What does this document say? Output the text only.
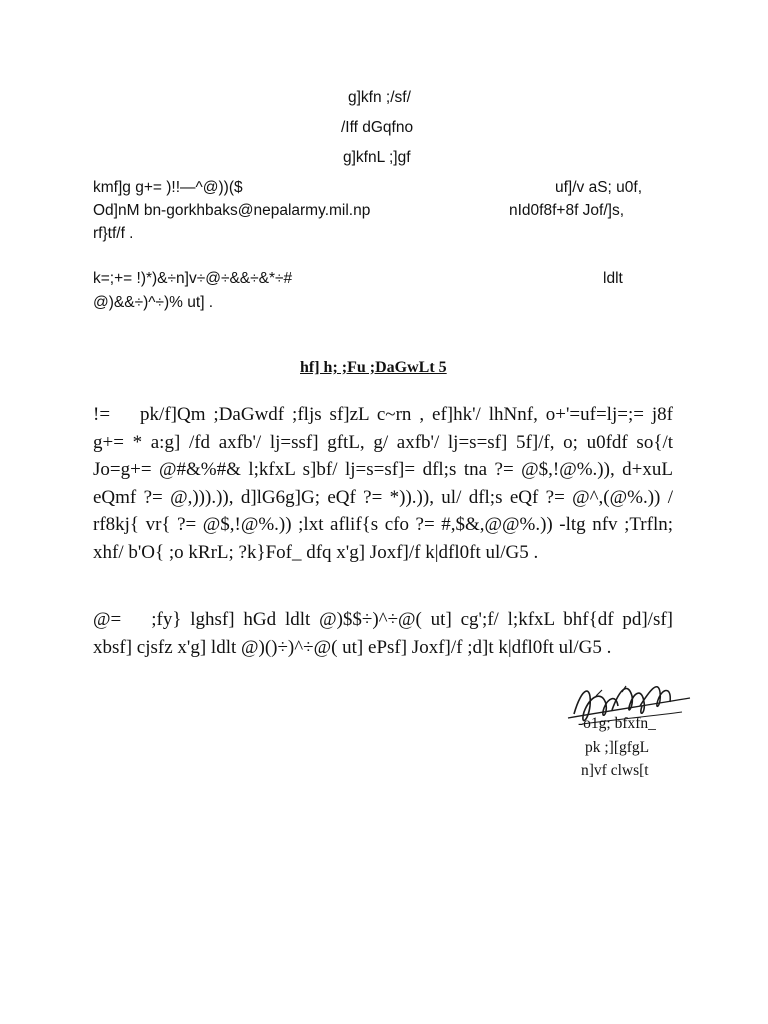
g]kfn ;/sf/
/Iff dGqfno
g]kfnL ;]gf
kmf]g g+= )!!—^@))($
Od]nM bn-gorkhbaks@nepalarmy.mil.np
rf}tf/f .
uf]/v aS; u0f,
nId0f8f+8f Jof/]s,
k=;+= !)*)&÷n]v÷@÷&&÷&*÷#
@)&&÷)^÷)% ut] .
ldlt
hf] h; ;Fu ;DaGwLt 5

!= pk/f]Qm ;DaGwdf ;fljs sf]zL c~rn , ef]hk'/ lhNnf, o+'=uf=lj=;= j8f g+= * a:g] /fd axfb'/ lj=ssf] gftL, g/ axfb'/ lj=s=sf] 5f]/f, o; u0fdf so{/t Jo=g+= @#&%#& l;kfxL s]bf/ lj=s=sf]= dfl;s tna ?= @$,!@%.)), d+xuL eQmf ?= @,))).)), d]lG6g]G; eQf ?= *)).)), ul/ dfl;s eQf ?= @^,(@%.)) / rf8kj{ vr{ ?= @$,!@%.)) ;lxt aflif{s cfo ?= #,$&,@@%.)) -ltg nfv ;Trfln; xhf/ b'O{ ;o kRrL; ?k}Fof_ dfq x'g] Joxf]/f k|dfl0ft ul/G5 .

@= ;fy} lghsf] hGd ldlt @)$$÷)^÷@( ut] cg';f/ l;kfxL bhf{df pd]/sf] xbsf] cjsfz x'g] ldlt @)()÷)^÷@( ut] ePsf] Joxf]/f ;d]t k|dfl0ft ul/G5 .

-o1g; bfxfn_
pk ;][gfgL
n]vf clws[t
